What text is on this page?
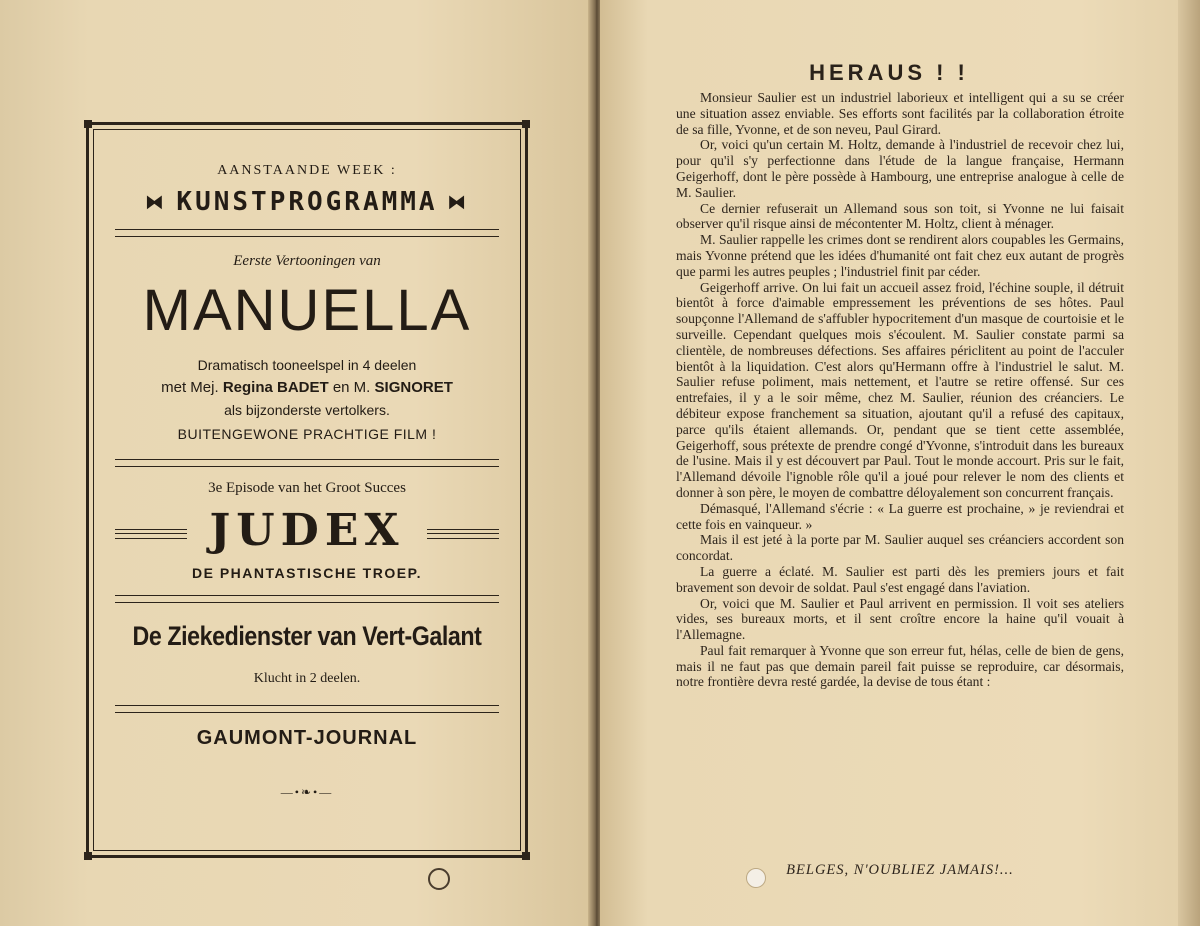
AANSTAANDE WEEK :
⧓ KUNSTPROGRAMMA ⧓
Eerste Vertooningen van
MANUELLA
Dramatisch tooneelspel in 4 deelen
met Mej. Regina BADET en M. SIGNORET
als bijzonderste vertolkers.
BUITENGEWONE PRACHTIGE FILM !
3e Episode van het Groot Succes
JUDEX
DE PHANTASTISCHE TROEP.
De Ziekedienster van Vert-Galant
Klucht in 2 deelen.
GAUMONT-JOURNAL
—•❧•—
HERAUS ! !

Monsieur Saulier est un industriel laborieux et intelligent qui a su se créer une situation assez enviable. Ses efforts sont facilités par la collaboration étroite de sa fille, Yvonne, et de son neveu, Paul Girard.

Or, voici qu'un certain M. Holtz, demande à l'industriel de recevoir chez lui, pour qu'il s'y perfectionne dans l'étude de la langue française, Hermann Geigerhoff, dont le père possède à Hambourg, une entreprise analogue à celle de M. Saulier.

Ce dernier refuserait un Allemand sous son toit, si Yvonne ne lui faisait observer qu'il risque ainsi de mécontenter M. Holtz, client à ménager.

M. Saulier rappelle les crimes dont se rendirent alors coupables les Germains, mais Yvonne prétend que les idées d'humanité ont fait chez eux autant de progrès que parmi les autres peuples ; l'industriel finit par céder.

Geigerhoff arrive. On lui fait un accueil assez froid, l'échine souple, il détruit bientôt à force d'aimable empressement les préventions de ses hôtes. Paul soupçonne l'Allemand de s'affubler hypocritement d'un masque de courtoisie et le surveille. Cependant quelques mois s'écoulent. M. Saulier constate parmi sa clientèle, de nombreuses défections. Ses affaires périclitent au point de l'acculer bientôt à la liquidation. C'est alors qu'Hermann offre à l'industriel le salut. M. Saulier refuse poliment, mais nettement, et l'autre se retire offensé. Sur ces entrefaies, il y a le soir même, chez M. Saulier, réunion des créanciers. Le débiteur expose franchement sa situation, ajoutant qu'il a refusé des capitaux, parce qu'ils étaient allemands. Or, pendant que se tient cette assemblée, Geigerhoff, sous prétexte de prendre congé d'Yvonne, s'introduit dans les bureaux de l'usine. Mais il y est découvert par Paul. Tout le monde accourt. Pris sur le fait, l'Allemand dévoile l'ignoble rôle qu'il a joué pour relever le nom des clients et donner à son père, le moyen de combattre déloyalement son concurrent français.

Démasqué, l'Allemand s'écrie : « La guerre est prochaine, » je reviendrai et cette fois en vainqueur. »

Mais il est jeté à la porte par M. Saulier auquel ses créanciers accordent son concordat.

La guerre a éclaté. M. Saulier est parti dès les premiers jours et fait bravement son devoir de soldat. Paul s'est engagé dans l'aviation.

Or, voici que M. Saulier et Paul arrivent en permission. Il voit ses ateliers vides, ses bureaux morts, et il sent croître encore la haine qu'il vouait à l'Allemagne.

Paul fait remarquer à Yvonne que son erreur fut, hélas, celle de bien de gens, mais il ne faut pas que demain pareil fait puisse se reproduire, car désormais, notre frontière devra resté gardée, la devise de tous étant :

BELGES, N'OUBLIEZ JAMAIS!...
